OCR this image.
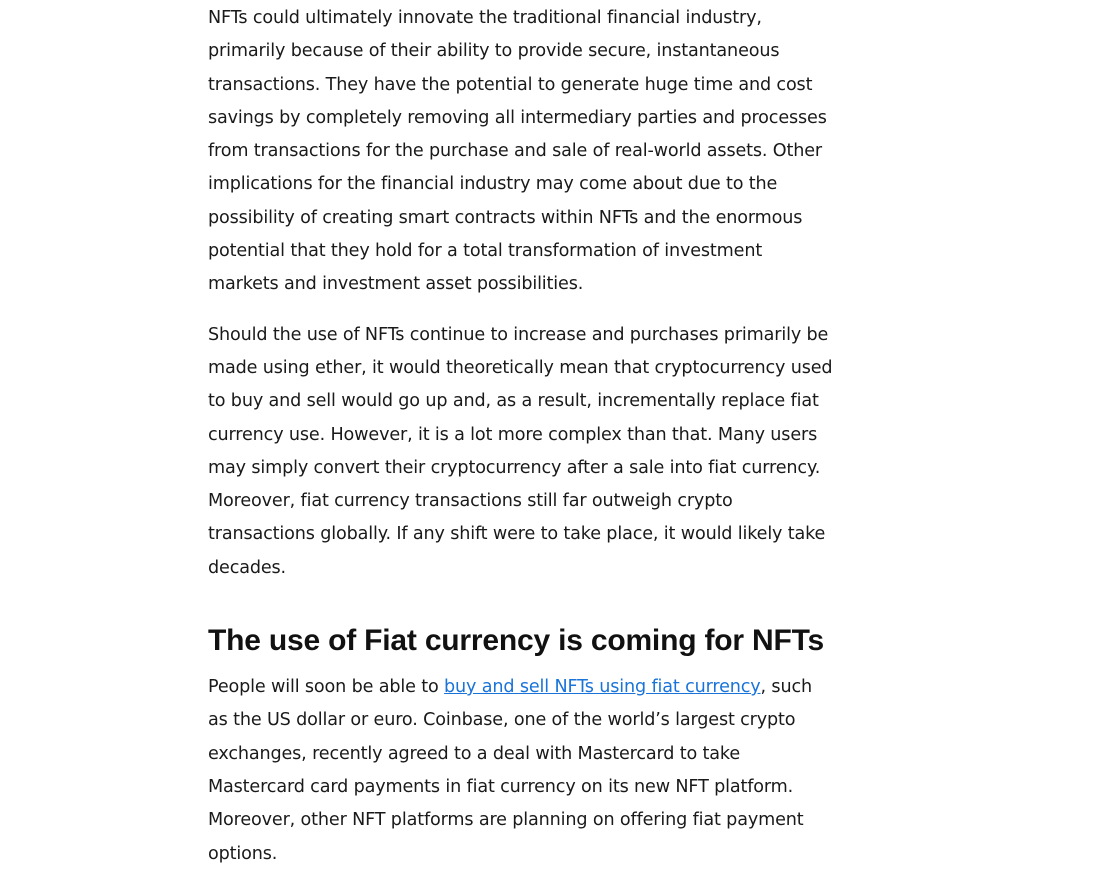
NFTs could ultimately innovate the traditional financial industry, primarily because of their ability to provide secure, instantaneous transactions. They have the potential to generate huge time and cost savings by completely removing all intermediary parties and processes from transactions for the purchase and sale of real-world assets. Other implications for the financial industry may come about due to the possibility of creating smart contracts within NFTs and the enormous potential that they hold for a total transformation of investment markets and investment asset possibilities.

Should the use of NFTs continue to increase and purchases primarily be made using ether, it would theoretically mean that cryptocurrency used to buy and sell would go up and, as a result, incrementally replace fiat currency use. However, it is a lot more complex than that. Many users may simply convert their cryptocurrency after a sale into fiat currency. Moreover, fiat currency transactions still far outweigh crypto transactions globally. If any shift were to take place, it would likely take decades.

The use of Fiat currency is coming for NFTs

People will soon be able to buy and sell NFTs using fiat currency, such as the US dollar or euro. Coinbase, one of the world’s largest crypto exchanges, recently agreed to a deal with Mastercard to take Mastercard card payments in fiat currency on its new NFT platform. Moreover, other NFT platforms are planning on offering fiat payment options.
